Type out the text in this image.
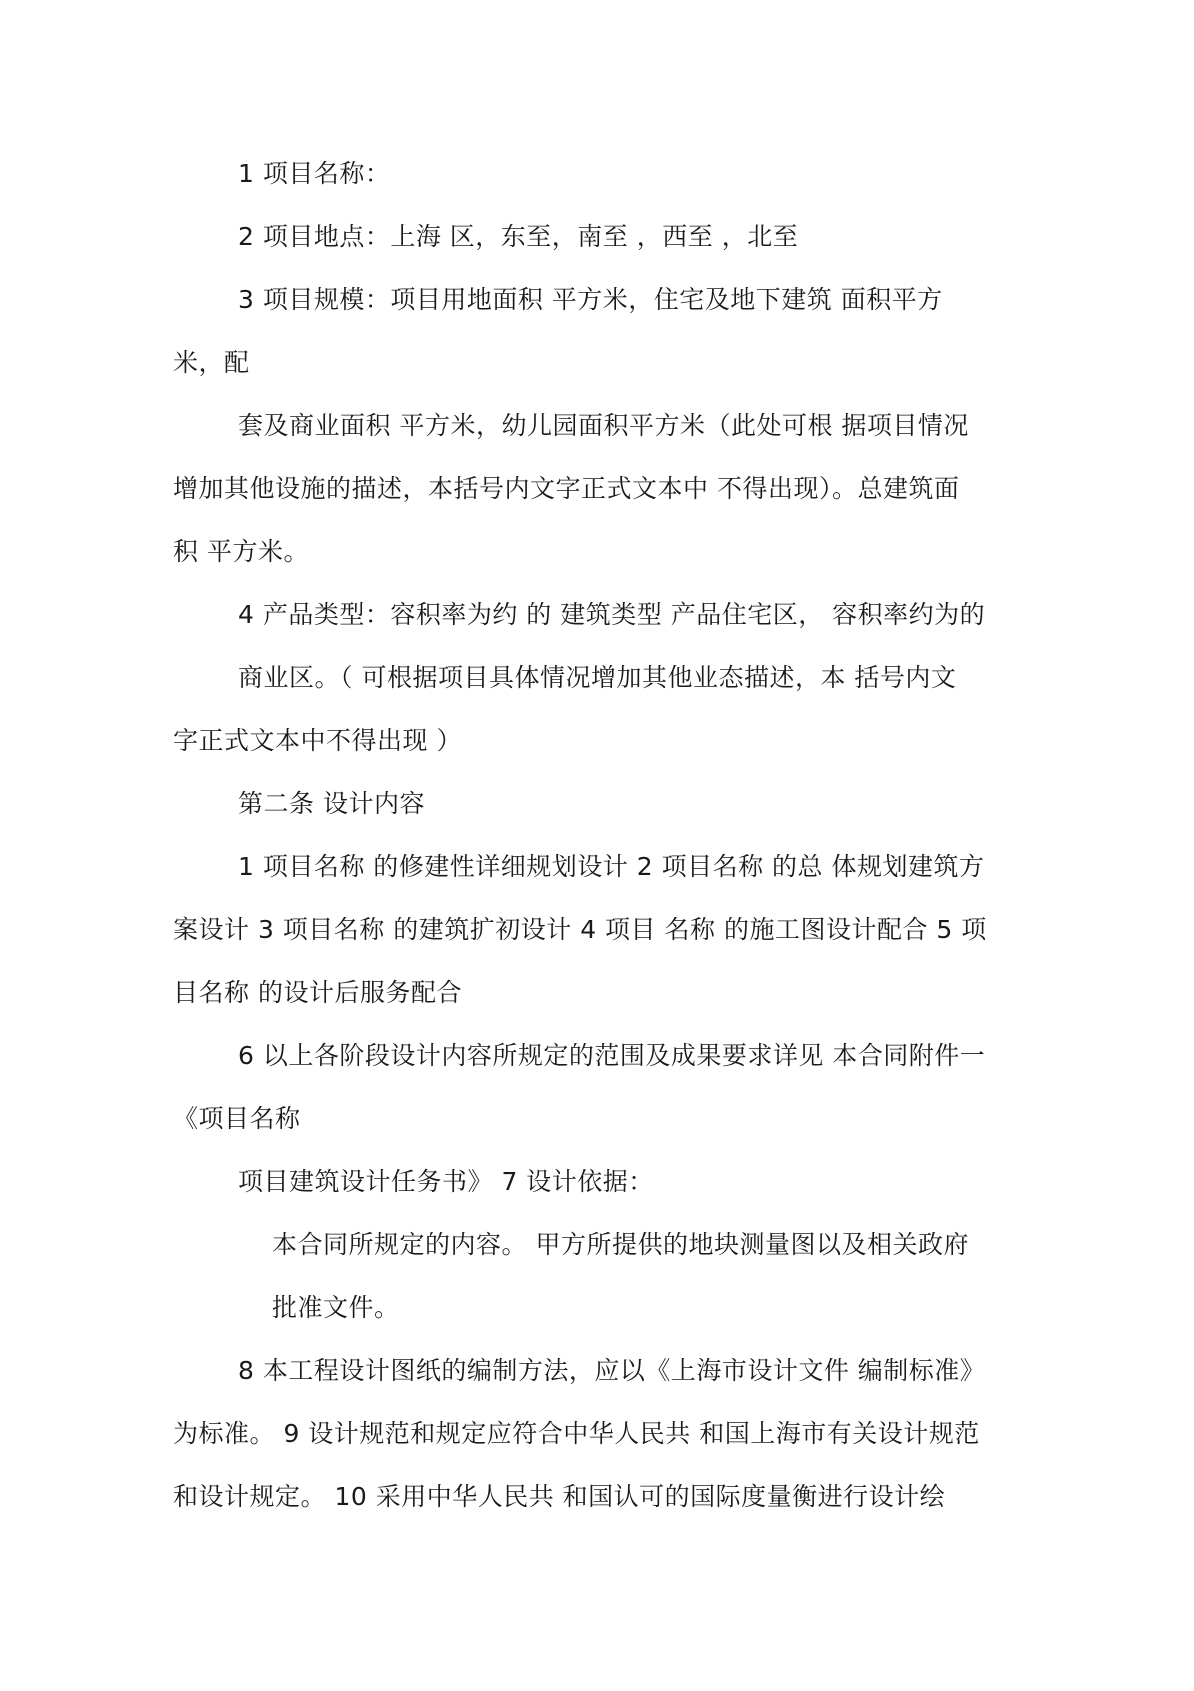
1 项目名称：
2 项目地点：上海 区，东至，南至 ，西至 ，北至
3 项目规模：项目用地面积 平方米，住宅及地下建筑 面积平方
米，配
套及商业面积 平方米，幼儿园面积平方米（此处可根 据项目情况
增加其他设施的描述，本括号内文字正式文本中 不得出现）。总建筑面
积 平方米。
4 产品类型：容积率为约 的 建筑类型 产品住宅区， 容积率约为的
商业区。（ 可根据项目具体情况增加其他业态描述，本 括号内文
字正式文本中不得出现 ）
第二条 设计内容
1 项目名称 的修建性详细规划设计 2 项目名称 的总 体规划建筑方
案设计 3 项目名称 的建筑扩初设计 4 项目 名称 的施工图设计配合 5 项
目名称 的设计后服务配合
6 以上各阶段设计内容所规定的范围及成果要求详见 本合同附件一
《项目名称
项目建筑设计任务书》 7 设计依据：
本合同所规定的内容。 甲方所提供的地块测量图以及相关政府
批准文件。
8 本工程设计图纸的编制方法，应以《上海市设计文件 编制标准》
为标准。 9 设计规范和规定应符合中华人民共 和国上海市有关设计规范
和设计规定。 10 采用中华人民共 和国认可的国际度量衡进行设计绘
